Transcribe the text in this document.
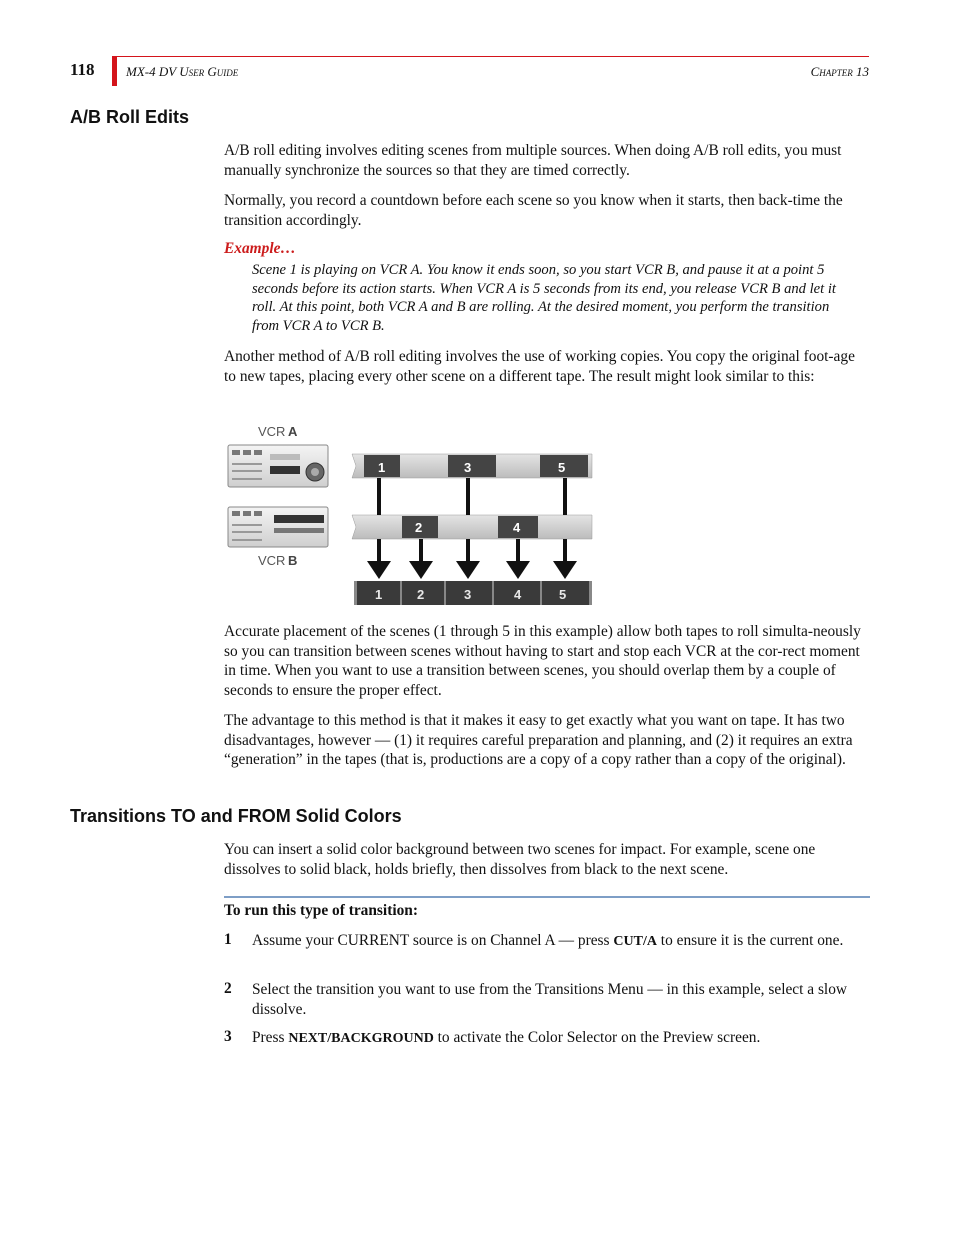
118 MX-4 DV User Guide	Chapter 13
A/B Roll Edits

A/B roll editing involves editing scenes from multiple sources. When doing A/B roll edits, you must manually synchronize the sources so that they are timed correctly.

Normally, you record a countdown before each scene so you know when it starts, then back-time the transition accordingly.

Example…

Scene 1 is playing on VCR A. You know it ends soon, so you start VCR B, and pause it at a point 5 seconds before its action starts. When VCR A is 5 seconds from its end, you release VCR B and let it roll. At this point, both VCR A and B are rolling. At the desired moment, you perform the transition from VCR A to VCR B.

Another method of A/B roll editing involves the use of working copies. You copy the original foot-age to new tapes, placing every other scene on a different tape. The result might look similar to this:

VCR A
VCR B
1	3	5
2	4
1	2	3	4	5

Accurate placement of the scenes (1 through 5 in this example) allow both tapes to roll simulta-neously so you can transition between scenes without having to start and stop each VCR at the cor-rect moment in time. When you want to use a transition between scenes, you should overlap them by a couple of seconds to ensure the proper effect.

The advantage to this method is that it makes it easy to get exactly what you want on tape. It has two disadvantages, however — (1) it requires careful preparation and planning, and (2) it requires an extra “generation” in the tapes (that is, productions are a copy of a copy rather than a copy of the original).

Transitions TO and FROM Solid Colors

You can insert a solid color background between two scenes for impact. For example, scene one dissolves to solid black, holds briefly, then dissolves from black to the next scene.

To run this type of transition:
1 Assume your CURRENT source is on Channel A — press CUT/A to ensure it is the current one.

2 Select the transition you want to use from the Transitions Menu — in this example, select a slow dissolve.

3 Press NEXT/BACKGROUND to activate the Color Selector on the Preview screen.
